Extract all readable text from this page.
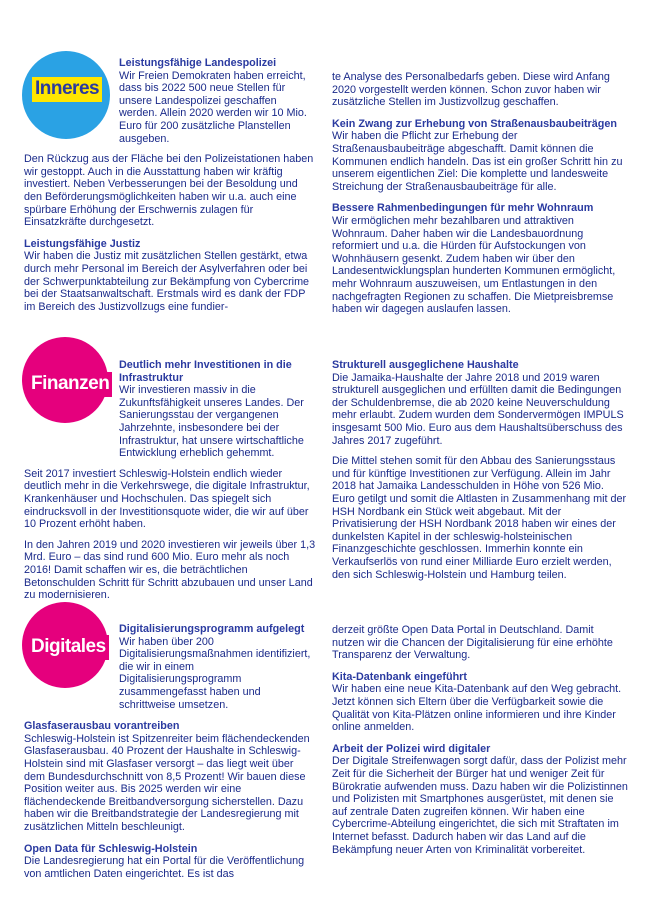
Inneres
Leistungsfähige Landespolizei

Wir Freien Demokraten haben erreicht, dass bis 2022 500 neue Stellen für unsere Landespolizei geschaffen werden. Allein 2020 werden wir 10 Mio. Euro für 200 zusätzliche Planstellen ausgeben.

Den Rückzug aus der Fläche bei den Polizeistationen haben wir gestoppt. Auch in die Ausstattung haben wir kräftig investiert. Neben Verbesserungen bei der Besoldung und den Beförderungsmöglichkeiten haben wir u.a. auch eine spürbare Erhöhung der Erschwernis zulagen für Einsatzkräfte durchgesetzt.

Leistungsfähige Justiz

Wir haben die Justiz mit zusätzlichen Stellen gestärkt, etwa durch mehr Personal im Bereich der Asylverfahren oder bei der Schwerpunktabteilung zur Bekämpfung von Cybercrime bei der Staatsanwaltschaft. Erstmals wird es dank der FDP im Bereich des Justizvollzugs eine fundier-

te Analyse des Personalbedarfs geben. Diese wird Anfang 2020 vorgestellt werden können. Schon zuvor haben wir zusätzliche Stellen im Justizvollzug geschaffen.

Kein Zwang zur Erhebung von Straßenausbaubeiträgen

Wir haben die Pflicht zur Erhebung der Straßenausbaubeiträge abgeschafft. Damit können die Kommunen endlich handeln. Das ist ein großer Schritt hin zu unserem eigentlichen Ziel: Die komplette und landesweite Streichung der Straßenausbaubeiträge für alle.

Bessere Rahmenbedingungen für mehr Wohnraum

Wir ermöglichen mehr bezahlbaren und attraktiven Wohnraum. Daher haben wir die Landesbauordnung reformiert und u.a. die Hürden für Aufstockungen von Wohnhäusern gesenkt. Zudem haben wir über den Landesentwicklungsplan hunderten Kommunen ermöglicht, mehr Wohnraum auszuweisen, um Entlastungen in den nachgefragten Regionen zu schaffen. Die Mietpreisbremse haben wir dagegen auslaufen lassen.

Finanzen
Deutlich mehr Investitionen in die Infrastruktur

Wir investieren massiv in die Zukunftsfähigkeit unseres Landes. Der Sanierungsstau der vergangenen Jahrzehnte, insbesondere bei der Infrastruktur, hat unsere wirtschaftliche Entwicklung erheblich gehemmt.

Seit 2017 investiert Schleswig-Holstein endlich wieder deutlich mehr in die Verkehrswege, die digitale Infrastruktur, Krankenhäuser und Hochschulen. Das spiegelt sich eindrucksvoll in der Investitionsquote wider, die wir auf über 10 Prozent erhöht haben.

In den Jahren 2019 und 2020 investieren wir jeweils über 1,3 Mrd. Euro – das sind rund 600 Mio. Euro mehr als noch 2016! Damit schaffen wir es, die beträchtlichen Betonschulden Schritt für Schritt abzubauen und unser Land zu modernisieren.

Strukturell ausgeglichene Haushalte

Die Jamaika-Haushalte der Jahre 2018 und 2019 waren strukturell ausgeglichen und erfüllten damit die Bedingungen der Schuldenbremse, die ab 2020 keine Neuverschuldung mehr erlaubt. Zudem wurden dem Sondervermögen IMPULS insgesamt 500 Mio. Euro aus dem Haushaltsüberschuss des Jahres 2017 zugeführt.

Die Mittel stehen somit für den Abbau des Sanierungsstaus und für künftige Investitionen zur Verfügung. Allein im Jahr 2018 hat Jamaika Landesschulden in Höhe von 526 Mio. Euro getilgt und somit die Altlasten in Zusammenhang mit der HSH Nordbank ein Stück weit abgebaut. Mit der Privatisierung der HSH Nordbank 2018 haben wir eines der dunkelsten Kapitel in der schleswig-holsteinischen Finanzgeschichte geschlossen. Immerhin konnte ein Verkaufserlös von rund einer Milliarde Euro erzielt werden, den sich Schleswig-Holstein und Hamburg teilen.

Digitales
Digitalisierungsprogramm aufgelegt

Wir haben über 200 Digitalisierungsmaßnahmen identifiziert, die wir in einem Digitalisierungsprogramm zusammengefasst haben und schrittweise umsetzen.

Glasfaserausbau vorantreiben

Schleswig-Holstein ist Spitzenreiter beim flächendeckenden Glasfaserausbau. 40 Prozent der Haushalte in Schleswig-Holstein sind mit Glasfaser versorgt – das liegt weit über dem Bundesdurchschnitt von 8,5 Prozent! Wir bauen diese Position weiter aus. Bis 2025 werden wir eine flächendeckende Breitbandversorgung sicherstellen. Dazu haben wir die Breitbandstrategie der Landesregierung mit zusätzlichen Mitteln beschleunigt.

Open Data für Schleswig-Holstein

Die Landesregierung hat ein Portal für die Veröffentlichung von amtlichen Daten eingerichtet. Es ist das

derzeit größte Open Data Portal in Deutschland. Damit nutzen wir die Chancen der Digitalisierung für eine erhöhte Transparenz der Verwaltung.

Kita-Datenbank eingeführt

Wir haben eine neue Kita-Datenbank auf den Weg gebracht. Jetzt können sich Eltern über die Verfügbarkeit sowie die Qualität von Kita-Plätzen online informieren und ihre Kinder online anmelden.

Arbeit der Polizei wird digitaler

Der Digitale Streifenwagen sorgt dafür, dass der Polizist mehr Zeit für die Sicherheit der Bürger hat und weniger Zeit für Bürokratie aufwenden muss. Dazu haben wir die Polizistinnen und Polizisten mit Smartphones ausgerüstet, mit denen sie auf zentrale Daten zugreifen können. Wir haben eine Cybercrime-Abteilung eingerichtet, die sich mit Straftaten im Internet befasst. Dadurch haben wir das Land auf die Bekämpfung neuer Arten von Kriminalität vorbereitet.
